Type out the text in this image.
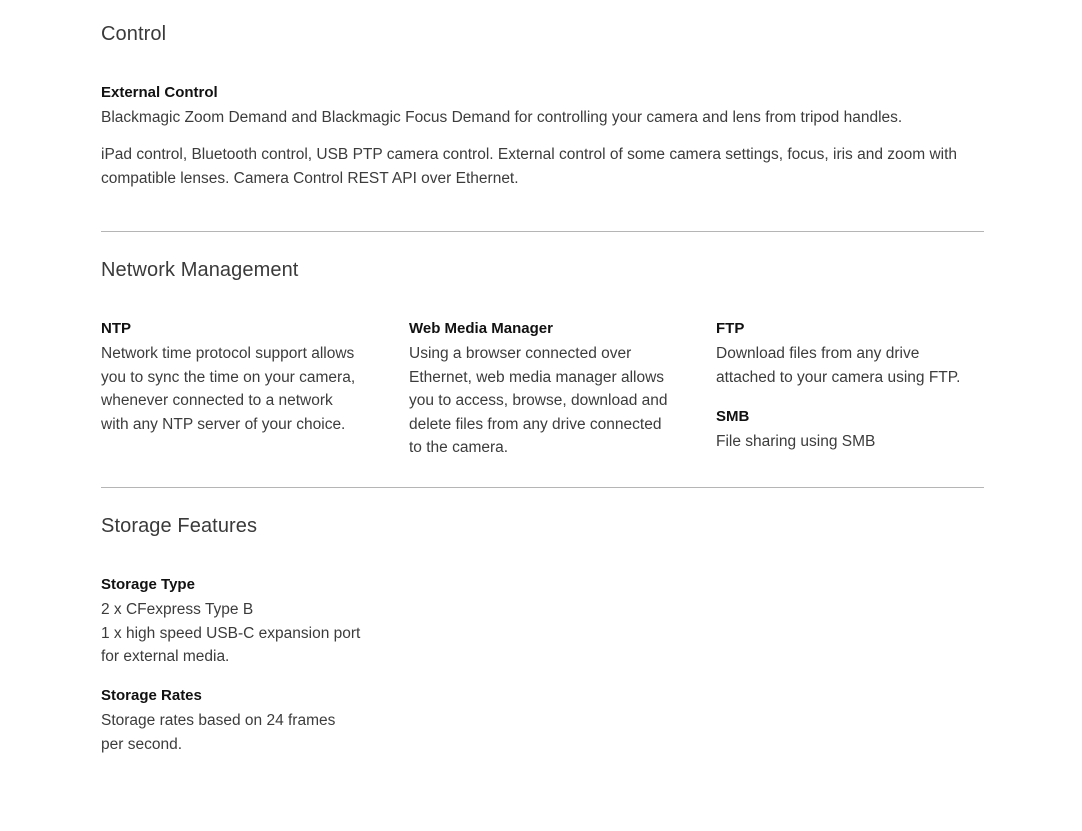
Control
External Control

Blackmagic Zoom Demand and Blackmagic Focus Demand for controlling your camera and lens from tripod handles.

iPad control, Bluetooth control, USB PTP camera control. External control of some camera settings, focus, iris and zoom with
compatible lenses. Camera Control REST API over Ethernet.

Network Management
NTP

Network time protocol support allows
you to sync the time on your camera,
whenever connected to a network
with any NTP server of your choice.

Web Media Manager

Using a browser connected over
Ethernet, web media manager allows
you to access, browse, download and
delete files from any drive connected
to the camera.

FTP

Download files from any drive
attached to your camera using FTP.

SMB

File sharing using SMB

Storage Features
Storage Type

2 x CFexpress Type B
1 x high speed USB-C expansion port
for external media.

Storage Rates

Storage rates based on 24 frames
per second.
